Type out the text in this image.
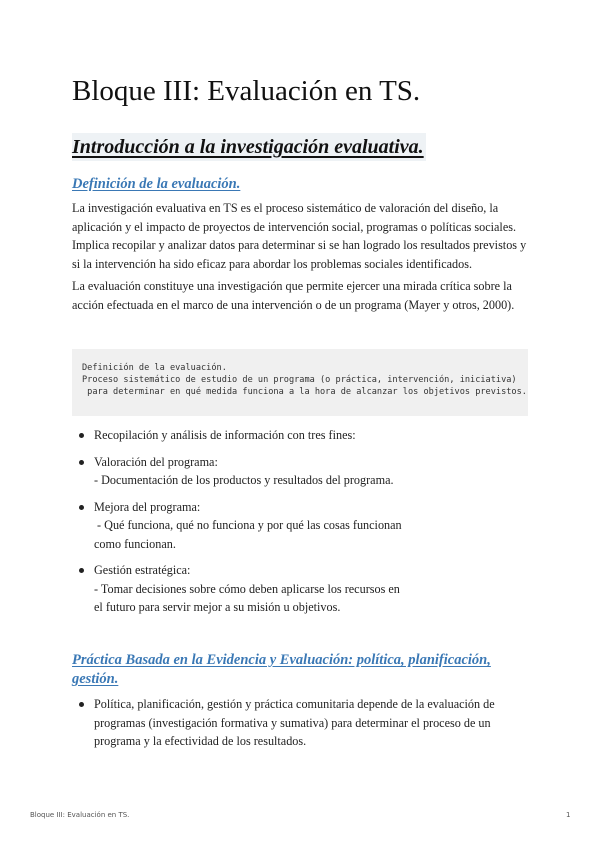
Bloque III: Evaluación en TS.
Introducción a la investigación evaluativa.
Definición de la evaluación.

La investigación evaluativa en TS es el proceso sistemático de valoración del diseño, la aplicación y el impacto de proyectos de intervención social, programas o políticas sociales. Implica recopilar y analizar datos para determinar si se han logrado los resultados previstos y si la intervención ha sido eficaz para abordar los problemas sociales identificados.

La evaluación constituye una investigación que permite ejercer una mirada crítica sobre la acción efectuada en el marco de una intervención o de un programa (Mayer y otros, 2000).

Definición de la evaluación.
Proceso sistemático de estudio de un programa (o práctica, intervención, iniciativa)
para determinar en qué medida funciona a la hora de alcanzar los objetivos previstos.
Recopilación y análisis de información con tres fines:
Valoración del programa:
- Documentación de los productos y resultados del programa.
Mejora del programa:
- Qué funciona, qué no funciona y por qué las cosas funcionan
como funcionan.
Gestión estratégica:
- Tomar decisiones sobre cómo deben aplicarse los recursos en
el futuro para servir mejor a su misión u objetivos.
Práctica Basada en la Evidencia y Evaluación: política, planificación, gestión.
Política, planificación, gestión y práctica comunitaria depende de la evaluación de
programas (investigación formativa y sumativa) para determinar el proceso de un
programa y la efectividad de los resultados.
Bloque III: Evaluación en TS.	1
